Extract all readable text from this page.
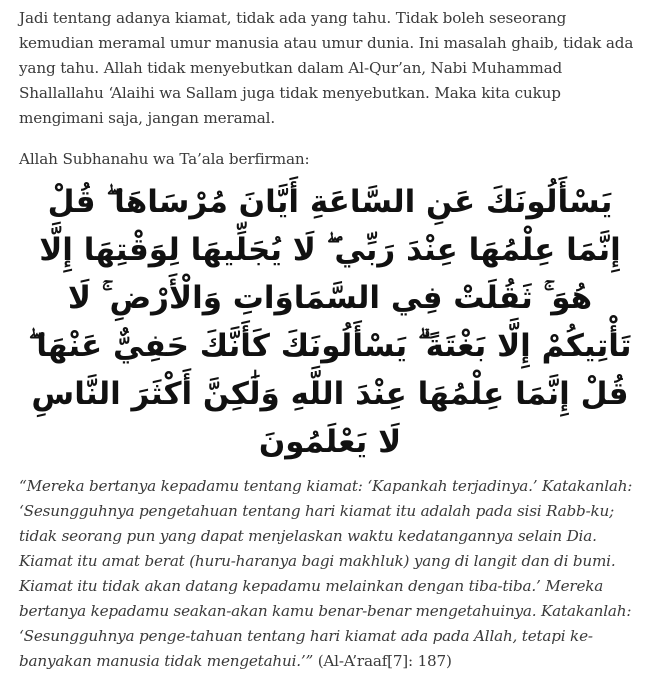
Jadi tentang adanya kiamat, tidak ada yang tahu. Tidak boleh seseorang kemudian meramal umur manusia atau umur dunia. Ini masalah ghaib, tidak ada yang tahu. Allah tidak menyebutkan dalam Al-Qur’an, Nabi Muhammad Shallallahu ‘Alaihi wa Sallam juga tidak menyebutkan. Maka kita cukup mengimani saja, jangan meramal.

Allah Subhanahu wa Ta’ala berfirman:

يَسْأَلُونَكَ عَنِ السَّاعَةِ أَيَّانَ مُرْسَاهَا ۖ قُلْ إِنَّمَا عِلْمُهَا عِنْدَ رَبِّي ۖ لَا يُجَلِّيهَا لِوَقْتِهَا إِلَّا هُوَ ۚ ثَقُلَتْ فِي السَّمَاوَاتِ وَالْأَرْضِ ۚ لَا تَأْتِيكُمْ إِلَّا بَغْتَةً ۗ يَسْأَلُونَكَ كَأَنَّكَ حَفِيٌّ عَنْهَا ۖ قُلْ إِنَّمَا عِلْمُهَا عِنْدَ اللَّهِ وَلَٰكِنَّ أَكْثَرَ النَّاسِ لَا يَعْلَمُونَ

“Mereka bertanya kepadamu tentang kiamat: ‘Kapankah terjadinya.’ Katakanlah: ‘Sesungguhnya pengetahuan tentang hari kiamat itu adalah pada sisi Rabb-ku; tidak seorang pun yang dapat menjelaskan waktu kedatangannya selain Dia. Kiamat itu amat berat (huru-haranya bagi makhluk) yang di langit dan di bumi. Kiamat itu tidak akan datang kepadamu melainkan dengan tiba-tiba.’ Mereka bertanya kepadamu seakan-akan kamu benar-benar mengetahuinya. Katakanlah: ‘Sesungguhnya penge-tahuan tentang hari kiamat ada pada Allah, tetapi ke-banyakan manusia tidak mengetahui.’” (Al-A’raaf[7]: 187)
